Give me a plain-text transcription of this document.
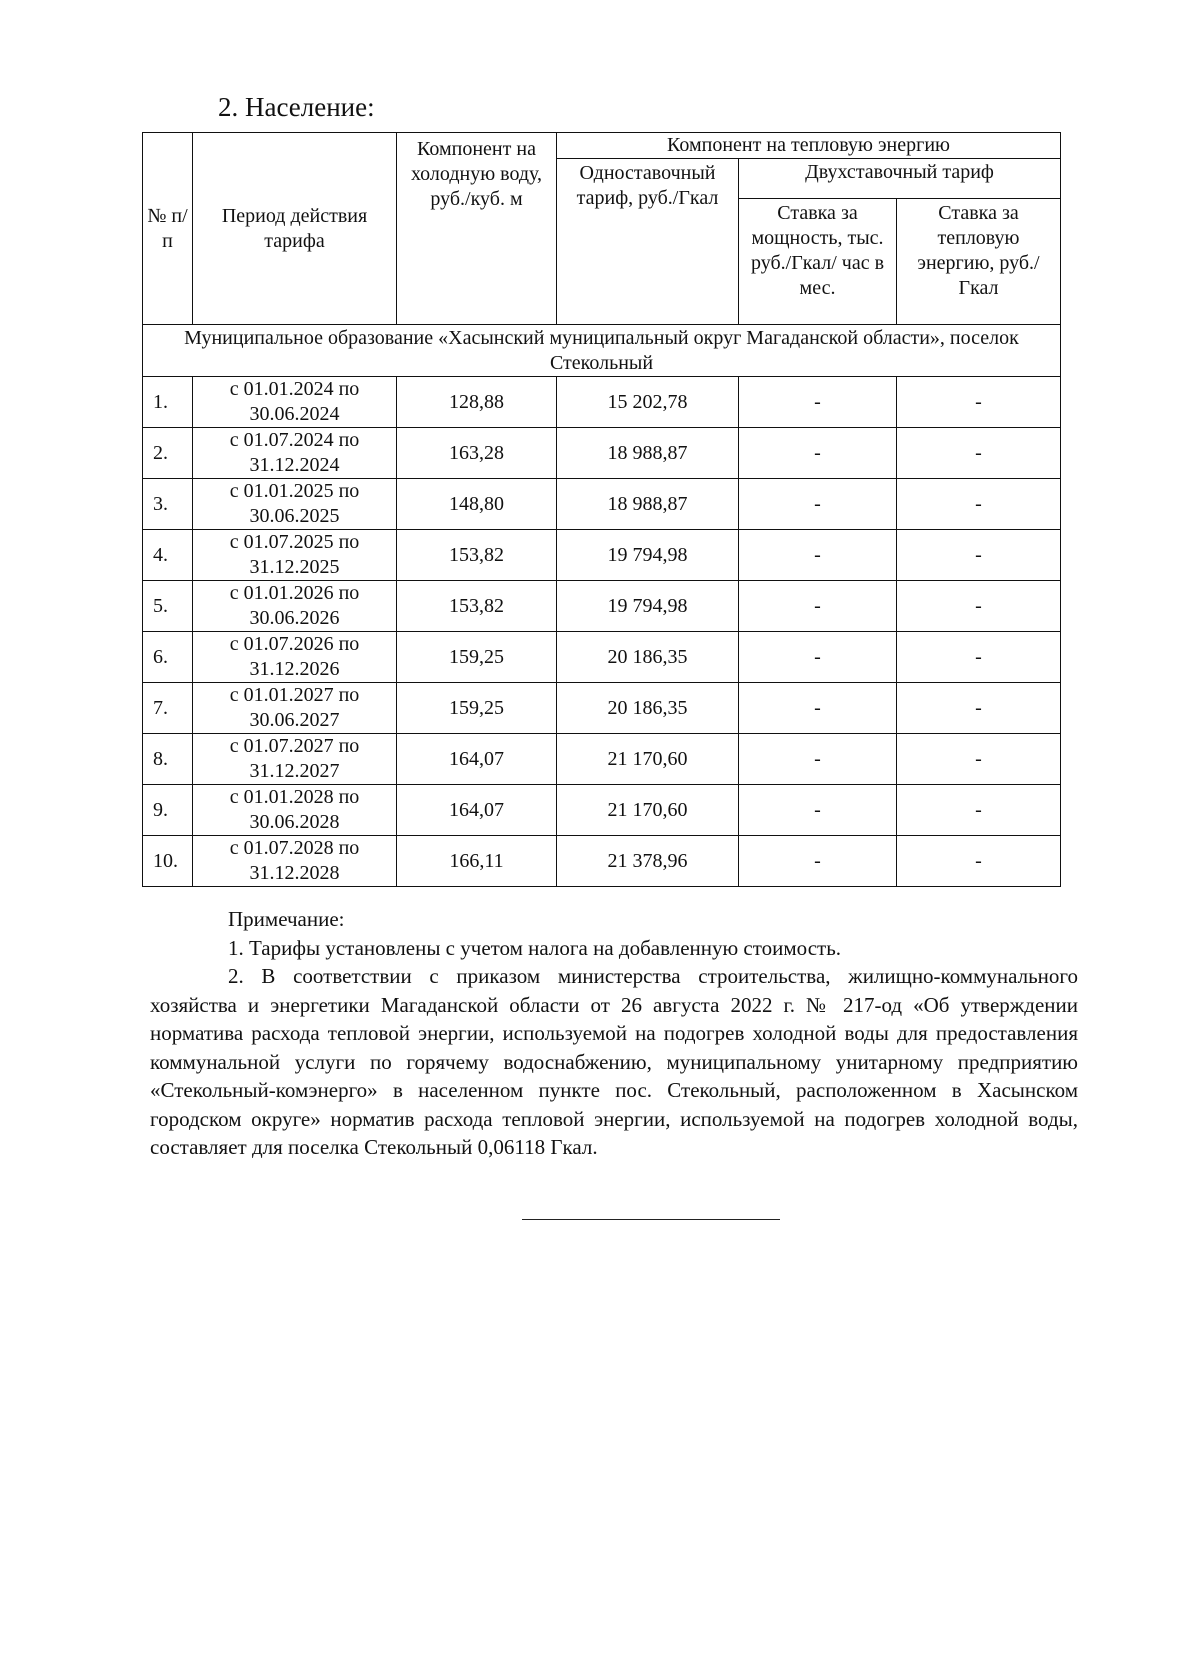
2. Население:
№ п/п	Период действия тарифа	Компонент на холодную воду, руб./куб. м	Компонент на тепловую энергию		
			Одноставочный тариф, руб./Гкал	Двухставочный тариф	
				Ставка за мощность, тыс. руб./Гкал/ час в мес.	Ставка за тепловую энергию, руб./Гкал
Муниципальное образование «Хасынский муниципальный округ Магаданской области», поселок Стекольный					
1.	с 01.01.2024 по 30.06.2024	128,88	15 202,78	-	-
2.	с 01.07.2024 по 31.12.2024	163,28	18 988,87	-	-
3.	с 01.01.2025 по 30.06.2025	148,80	18 988,87	-	-
4.	с 01.07.2025 по 31.12.2025	153,82	19 794,98	-	-
5.	с 01.01.2026 по 30.06.2026	153,82	19 794,98	-	-
6.	с 01.07.2026 по 31.12.2026	159,25	20 186,35	-	-
7.	с 01.01.2027 по 30.06.2027	159,25	20 186,35	-	-
8.	с 01.07.2027 по 31.12.2027	164,07	21 170,60	-	-
9.	с 01.01.2028 по 30.06.2028	164,07	21 170,60	-	-
10.	с 01.07.2028 по 31.12.2028	166,11	21 378,96	-	-

Примечание:

1. Тарифы установлены с учетом налога на добавленную стоимость.

2. В соответствии с приказом министерства строительства, жилищно-коммунального хозяйства и энергетики Магаданской области от 26 августа 2022 г. № 217-од «Об утверждении норматива расхода тепловой энергии, используемой на подогрев холодной воды для предоставления коммунальной услуги по горячему водоснабжению, муниципальному унитарному предприятию «Стекольный-комэнерго» в населенном пункте пос. Стекольный, расположенном в Хасынском городском округе» норматив расхода тепловой энергии, используемой на подогрев холодной воды, составляет для поселка Стекольный 0,06118 Гкал.
